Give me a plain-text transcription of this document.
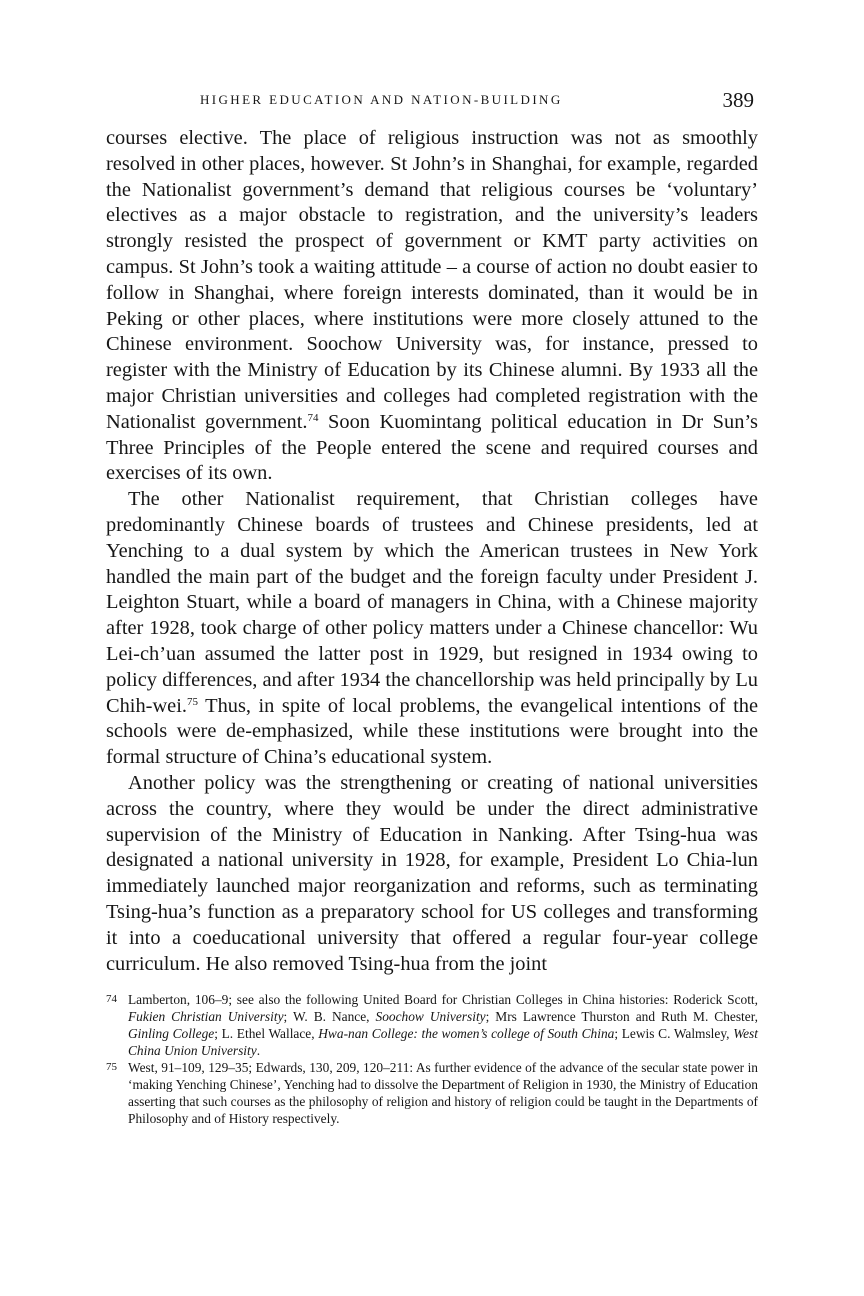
HIGHER EDUCATION AND NATION-BUILDING	389

courses elective. The place of religious instruction was not as smoothly resolved in other places, however. St John’s in Shanghai, for example, regarded the Nationalist government’s demand that religious courses be ‘voluntary’ electives as a major obstacle to registration, and the university’s leaders strongly resisted the prospect of government or KMT party activities on campus. St John’s took a waiting attitude – a course of action no doubt easier to follow in Shanghai, where foreign interests dominated, than it would be in Peking or other places, where institutions were more closely attuned to the Chinese environment. Soochow University was, for instance, pressed to register with the Ministry of Education by its Chinese alumni. By 1933 all the major Christian universities and colleges had completed registration with the Nationalist government.$^{74}$ Soon Kuomintang political education in Dr Sun’s Three Principles of the People entered the scene and required courses and exercises of its own.

The other Nationalist requirement, that Christian colleges have predominantly Chinese boards of trustees and Chinese presidents, led at Yenching to a dual system by which the American trustees in New York handled the main part of the budget and the foreign faculty under President J. Leighton Stuart, while a board of managers in China, with a Chinese majority after 1928, took charge of other policy matters under a Chinese chancellor: Wu Lei-ch’uan assumed the latter post in 1929, but resigned in 1934 owing to policy differences, and after 1934 the chancellorship was held principally by Lu Chih-wei.$^{75}$ Thus, in spite of local problems, the evangelical intentions of the schools were de-emphasized, while these institutions were brought into the formal structure of China’s educational system.

Another policy was the strengthening or creating of national universities across the country, where they would be under the direct administrative supervision of the Ministry of Education in Nanking. After Tsing-hua was designated a national university in 1928, for example, President Lo Chia-lun immediately launched major reorganization and reforms, such as terminating Tsing-hua’s function as a preparatory school for US colleges and transforming it into a coeducational university that offered a regular four-year college curriculum. He also removed Tsing-hua from the joint

74 Lamberton, 106–9; see also the following United Board for Christian Colleges in China histories: Roderick Scott, Fukien Christian University; W. B. Nance, Soochow University; Mrs Lawrence Thurston and Ruth M. Chester, Ginling College; L. Ethel Wallace, Hwa-nan College: the women’s college of South China; Lewis C. Walmsley, West China Union University.
75 West, 91–109, 129–35; Edwards, 130, 209, 120–211: As further evidence of the advance of the secular state power in ‘making Yenching Chinese’, Yenching had to dissolve the Department of Religion in 1930, the Ministry of Education asserting that such courses as the philosophy of religion and history of religion could be taught in the Departments of Philosophy and of History respectively.
